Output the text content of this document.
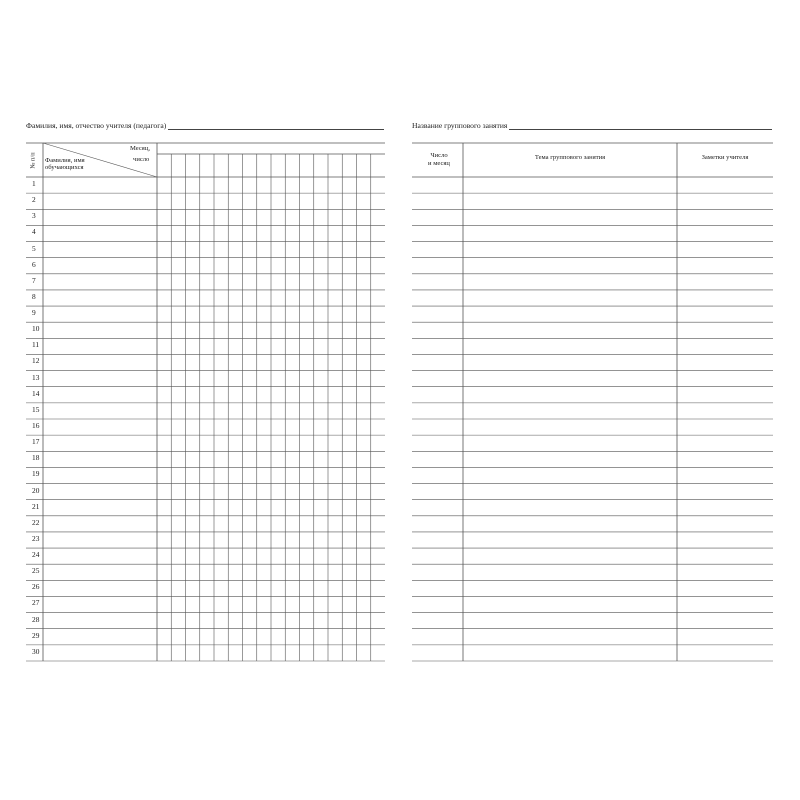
Фамилия, имя, отчество учителя (педагога)
№ п/п
Месяц,
число
Фамилия, имя
обучающихся
1
2
3
4
5
6
7
8
9
10
11
12
13
14
15
16
17
18
19
20
21
22
23
24
25
26
27
28
29
30
Название группового занятия
Число
и месяц
Тема группового занятия	Заметки учителя
